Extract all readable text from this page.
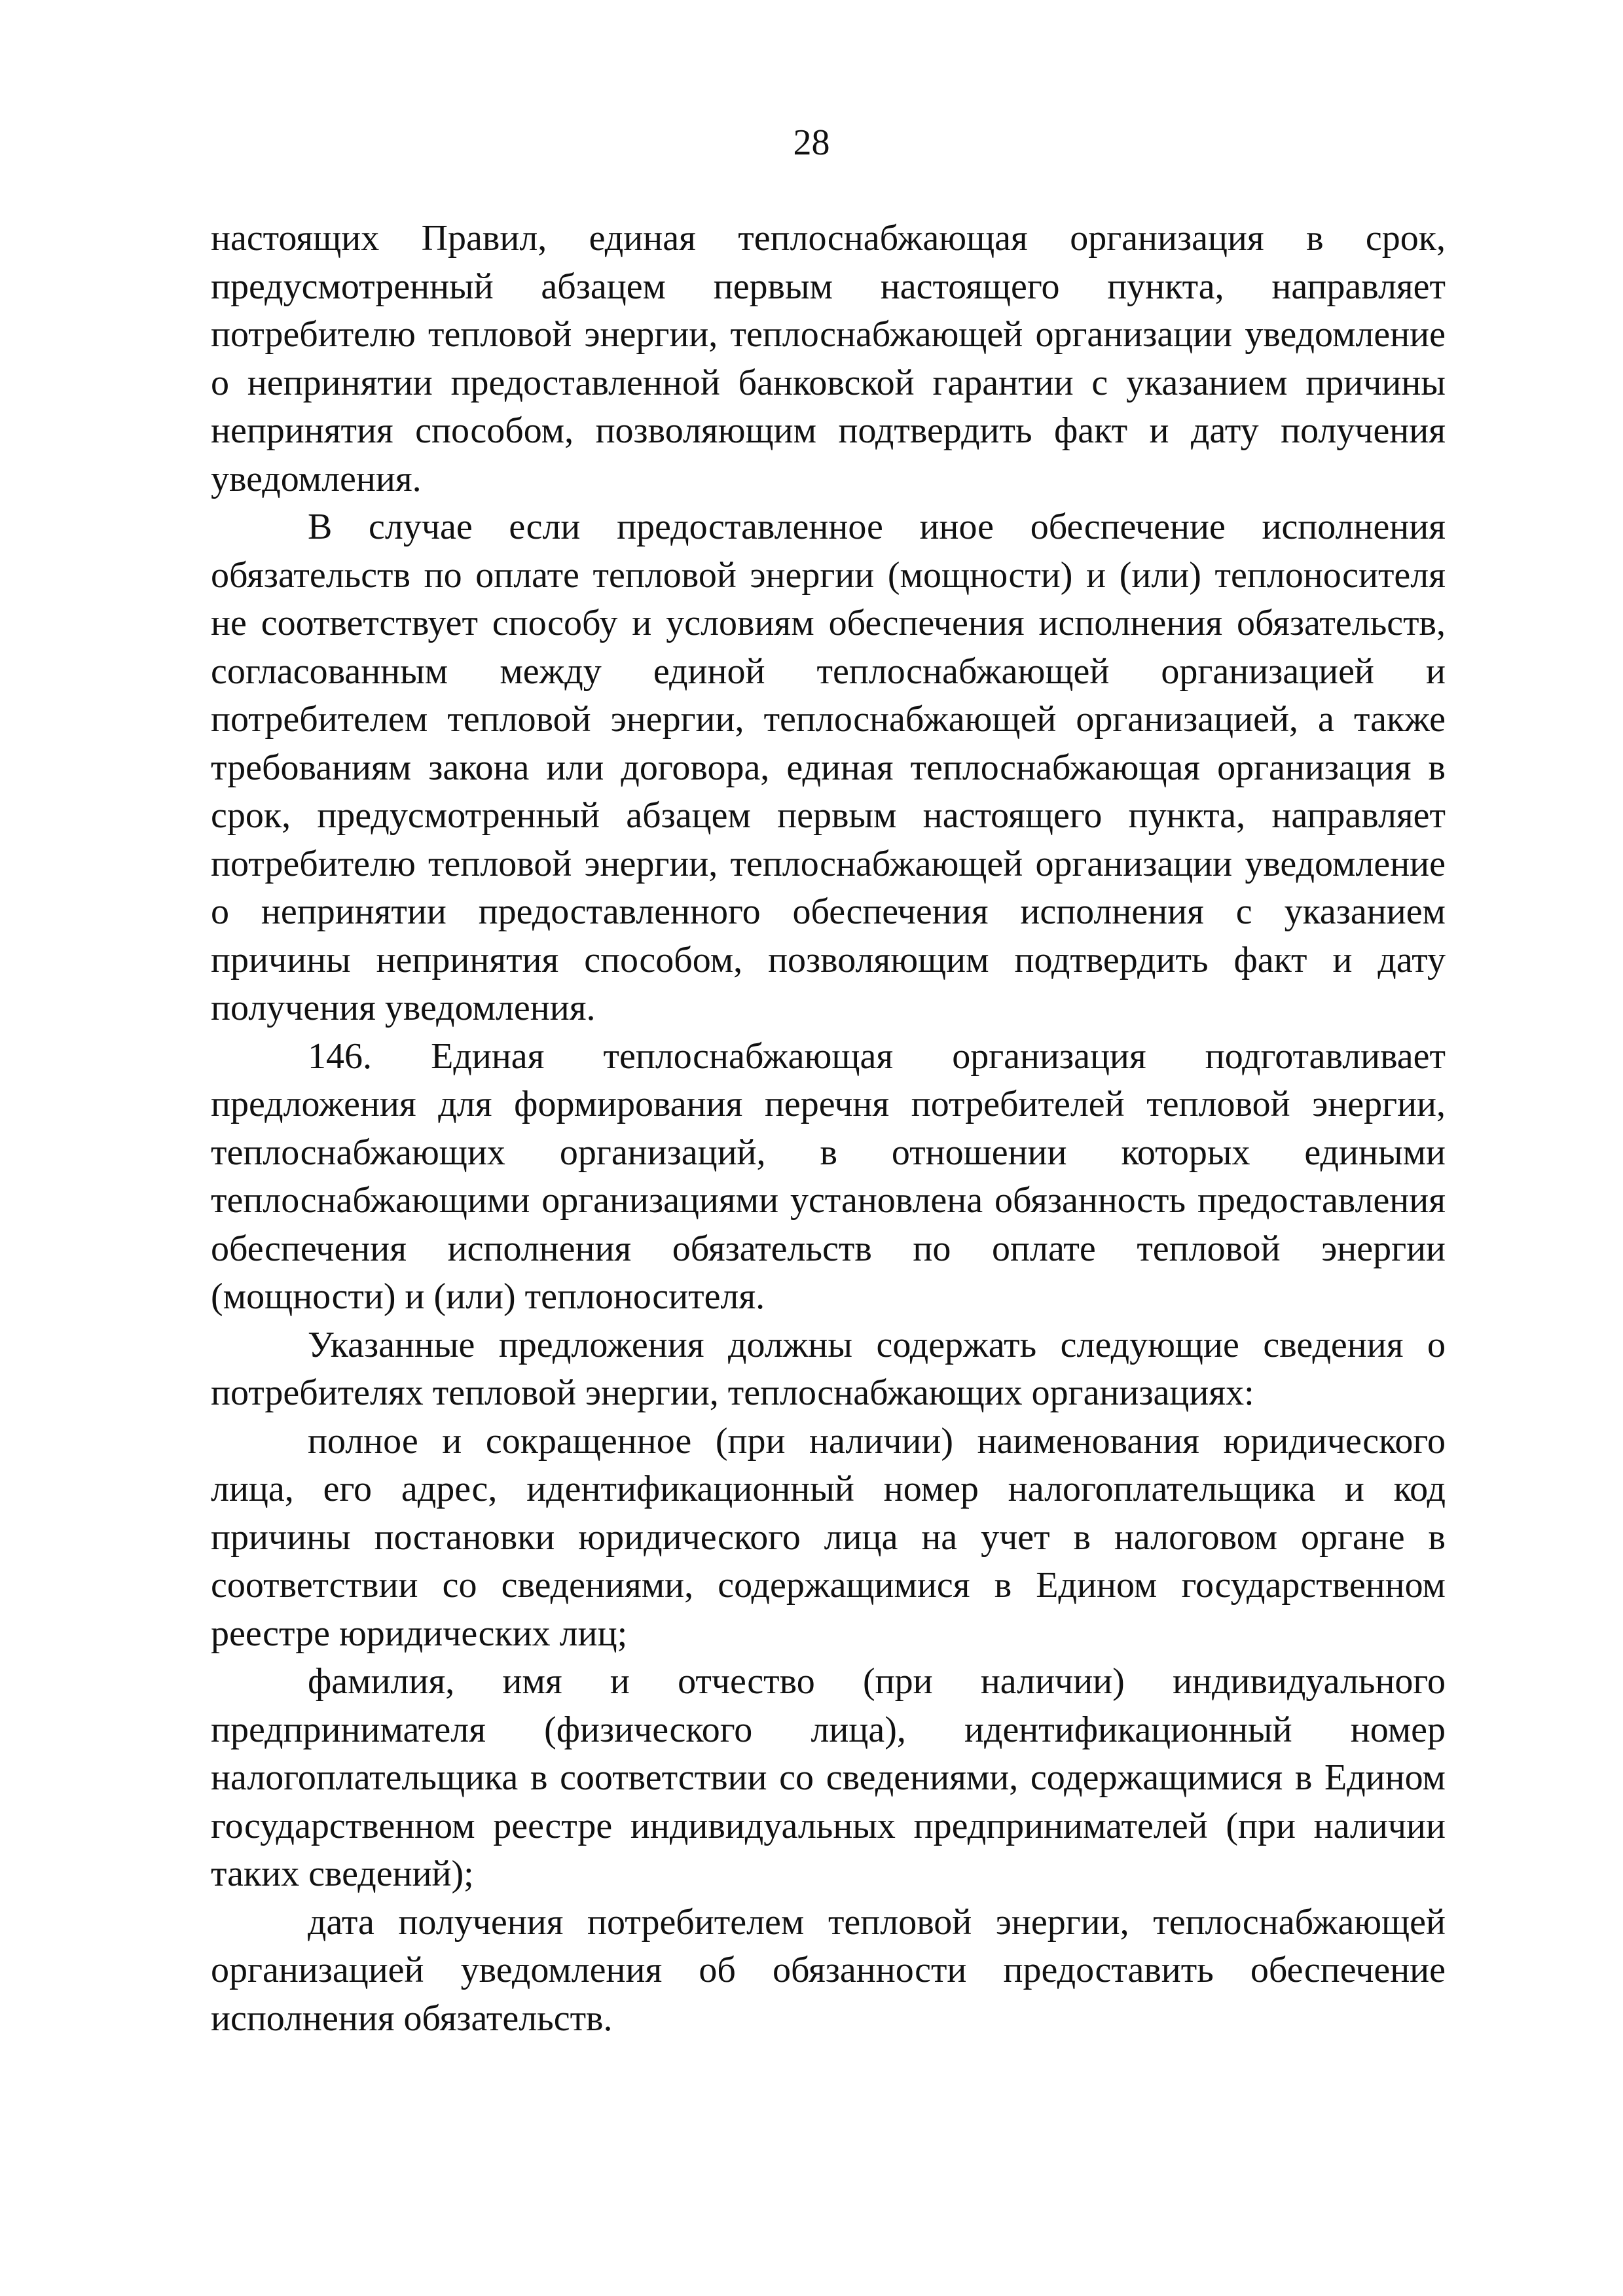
28

настоящих Правил, единая теплоснабжающая организация в срок, предусмотренный абзацем первым настоящего пункта, направляет потребителю тепловой энергии, теплоснабжающей организации уведомление о непринятии предоставленной банковской гарантии с указанием причины непринятия способом, позволяющим подтвердить факт и дату получения уведомления.

В случае если предоставленное иное обеспечение исполнения обязательств по оплате тепловой энергии (мощности) и (или) теплоносителя не соответствует способу и условиям обеспечения исполнения обязательств, согласованным между единой теплоснабжающей организацией и потребителем тепловой энергии, теплоснабжающей организацией, а также требованиям закона или договора, единая теплоснабжающая организация в срок, предусмотренный абзацем первым настоящего пункта, направляет потребителю тепловой энергии, теплоснабжающей организации уведомление о непринятии предоставленного обеспечения исполнения с указанием причины непринятия способом, позволяющим подтвердить факт и дату получения уведомления.

146. Единая теплоснабжающая организация подготавливает предложения для формирования перечня потребителей тепловой энергии, теплоснабжающих организаций, в отношении которых едиными теплоснабжающими организациями установлена обязанность предоставления обеспечения исполнения обязательств по оплате тепловой энергии (мощности) и (или) теплоносителя.

Указанные предложения должны содержать следующие сведения о потребителях тепловой энергии, теплоснабжающих организациях:

полное и сокращенное (при наличии) наименования юридического лица, его адрес, идентификационный номер налогоплательщика и код причины постановки юридического лица на учет в налоговом органе в соответствии со сведениями, содержащимися в Едином государственном реестре юридических лиц;

фамилия, имя и отчество (при наличии) индивидуального предпринимателя (физического лица), идентификационный номер налогоплательщика в соответствии со сведениями, содержащимися в Едином государственном реестре индивидуальных предпринимателей (при наличии таких сведений);

дата получения потребителем тепловой энергии, теплоснабжающей организацией уведомления об обязанности предоставить обеспечение исполнения обязательств.
